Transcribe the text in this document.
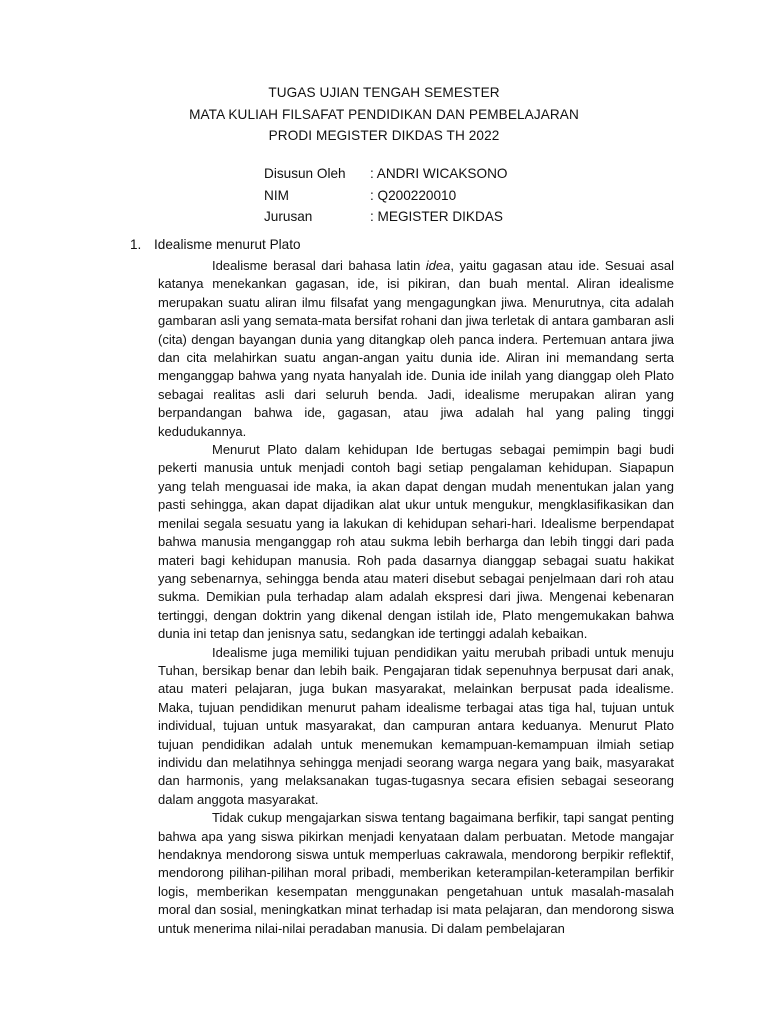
TUGAS UJIAN TENGAH SEMESTER
MATA KULIAH FILSAFAT PENDIDIKAN DAN PEMBELAJARAN
PRODI MEGISTER DIKDAS TH 2022
Disusun Oleh	: ANDRI WICAKSONO
NIM	: Q200220010
Jurusan	: MEGISTER DIKDAS
1. Idealisme menurut Plato

Idealisme berasal dari bahasa latin idea, yaitu gagasan atau ide. Sesuai asal katanya menekankan gagasan, ide, isi pikiran, dan buah mental. Aliran idealisme merupakan suatu aliran ilmu filsafat yang mengagungkan jiwa. Menurutnya, cita adalah gambaran asli yang semata-mata bersifat rohani dan jiwa terletak di antara gambaran asli (cita) dengan bayangan dunia yang ditangkap oleh panca indera. Pertemuan antara jiwa dan cita melahirkan suatu angan-angan yaitu dunia ide. Aliran ini memandang serta menganggap bahwa yang nyata hanyalah ide. Dunia ide inilah yang dianggap oleh Plato sebagai realitas asli dari seluruh benda. Jadi, idealisme merupakan aliran yang berpandangan bahwa ide, gagasan, atau jiwa adalah hal yang paling tinggi kedudukannya.

Menurut Plato dalam kehidupan Ide bertugas sebagai pemimpin bagi budi pekerti manusia untuk menjadi contoh bagi setiap pengalaman kehidupan. Siapapun yang telah menguasai ide maka, ia akan dapat dengan mudah menentukan jalan yang pasti sehingga, akan dapat dijadikan alat ukur untuk mengukur, mengklasifikasikan dan menilai segala sesuatu yang ia lakukan di kehidupan sehari-hari. Idealisme berpendapat bahwa manusia menganggap roh atau sukma lebih berharga dan lebih tinggi dari pada materi bagi kehidupan manusia. Roh pada dasarnya dianggap sebagai suatu hakikat yang sebenarnya, sehingga benda atau materi disebut sebagai penjelmaan dari roh atau sukma. Demikian pula terhadap alam adalah ekspresi dari jiwa. Mengenai kebenaran tertinggi, dengan doktrin yang dikenal dengan istilah ide, Plato mengemukakan bahwa dunia ini tetap dan jenisnya satu, sedangkan ide tertinggi adalah kebaikan.

Idealisme juga memiliki tujuan pendidikan yaitu merubah pribadi untuk menuju Tuhan, bersikap benar dan lebih baik. Pengajaran tidak sepenuhnya berpusat dari anak, atau materi pelajaran, juga bukan masyarakat, melainkan berpusat pada idealisme. Maka, tujuan pendidikan menurut paham idealisme terbagai atas tiga hal, tujuan untuk individual, tujuan untuk masyarakat, dan campuran antara keduanya. Menurut Plato tujuan pendidikan adalah untuk menemukan kemampuan-kemampuan ilmiah setiap individu dan melatihnya sehingga menjadi seorang warga negara yang baik, masyarakat dan harmonis, yang melaksanakan tugas-tugasnya secara efisien sebagai seseorang dalam anggota masyarakat.

Tidak cukup mengajarkan siswa tentang bagaimana berfikir, tapi sangat penting bahwa apa yang siswa pikirkan menjadi kenyataan dalam perbuatan. Metode mangajar hendaknya mendorong siswa untuk memperluas cakrawala, mendorong berpikir reflektif, mendorong pilihan-pilihan moral pribadi, memberikan keterampilan-keterampilan berfikir logis, memberikan kesempatan menggunakan pengetahuan untuk masalah-masalah moral dan sosial, meningkatkan minat terhadap isi mata pelajaran, dan mendorong siswa untuk menerima nilai-nilai peradaban manusia. Di dalam pembelajaran
